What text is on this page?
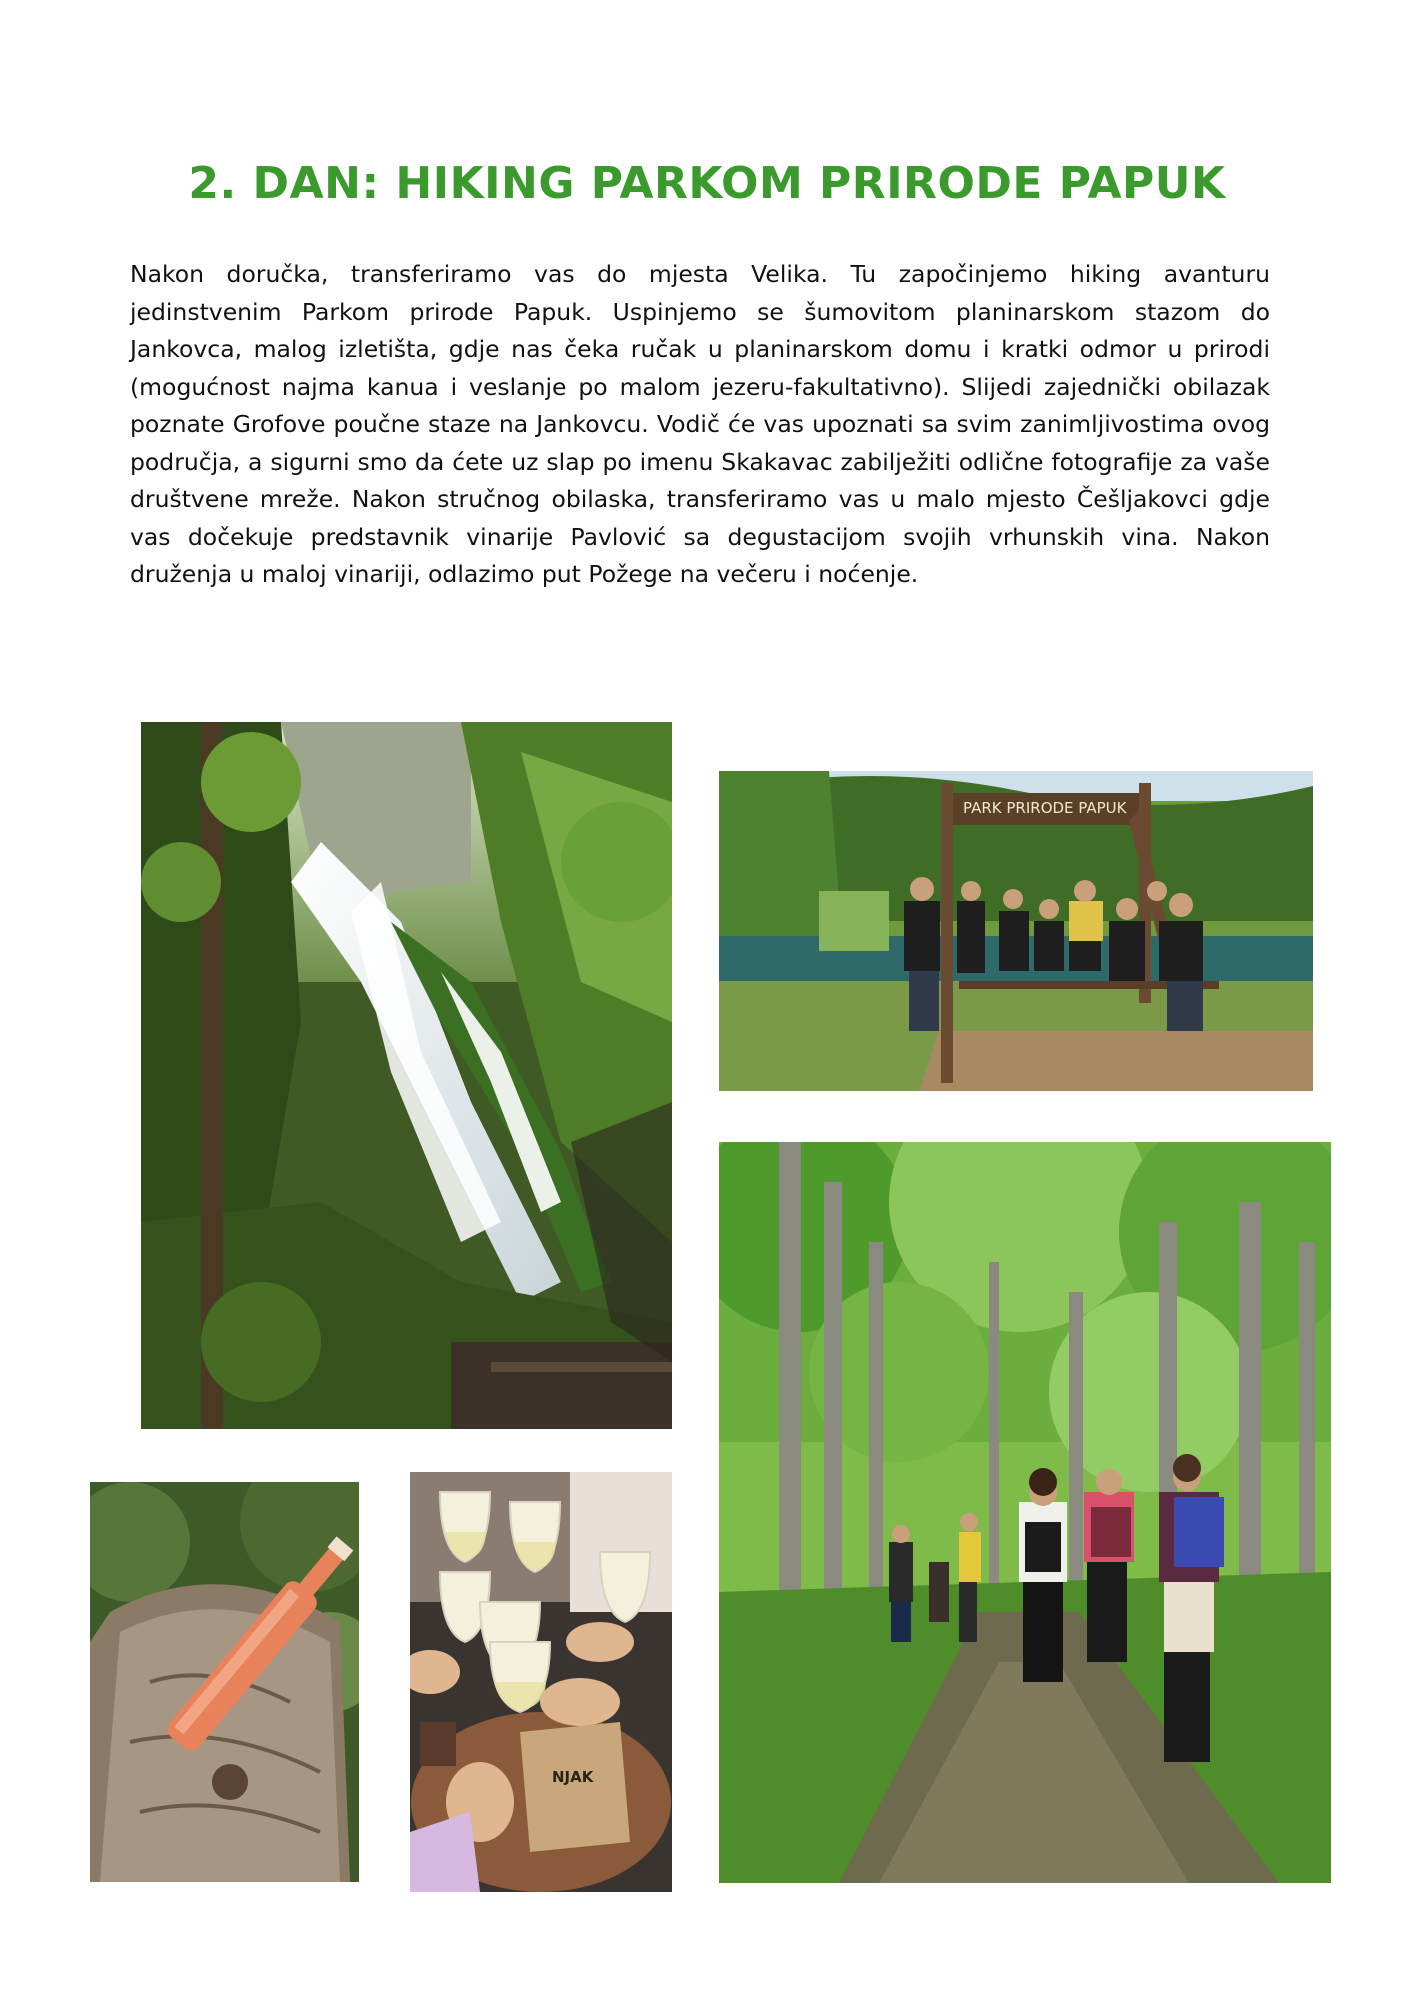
2. DAN: HIKING PARKOM PRIRODE PAPUK

Nakon doručka, transferiramo vas do mjesta Velika. Tu započinjemo hiking avanturu jedinstvenim Parkom prirode Papuk. Uspinjemo se šumovitom planinarskom stazom do Jankovca, malog izletišta, gdje nas čeka ručak u planinarskom domu i kratki odmor u prirodi (mogućnost najma kanua i veslanje po malom jezeru-fakultativno). Slijedi zajednički obilazak poznate Grofove poučne staze na Jankovcu. Vodič će vas upoznati sa svim zanimljivostima ovog područja, a sigurni smo da ćete uz slap po imenu Skakavac zabilježiti odlične fotografije za vaše društvene mreže. Nakon stručnog obilaska, transferiramo vas u malo mjesto Češljakovci gdje vas dočekuje predstavnik vinarije Pavlović sa degustacijom svojih vrhunskih vina. Nakon druženja u maloj vinariji, odlazimo put Požege na večeru i noćenje.

PARK PRIRODE PAPUK
NJAK
